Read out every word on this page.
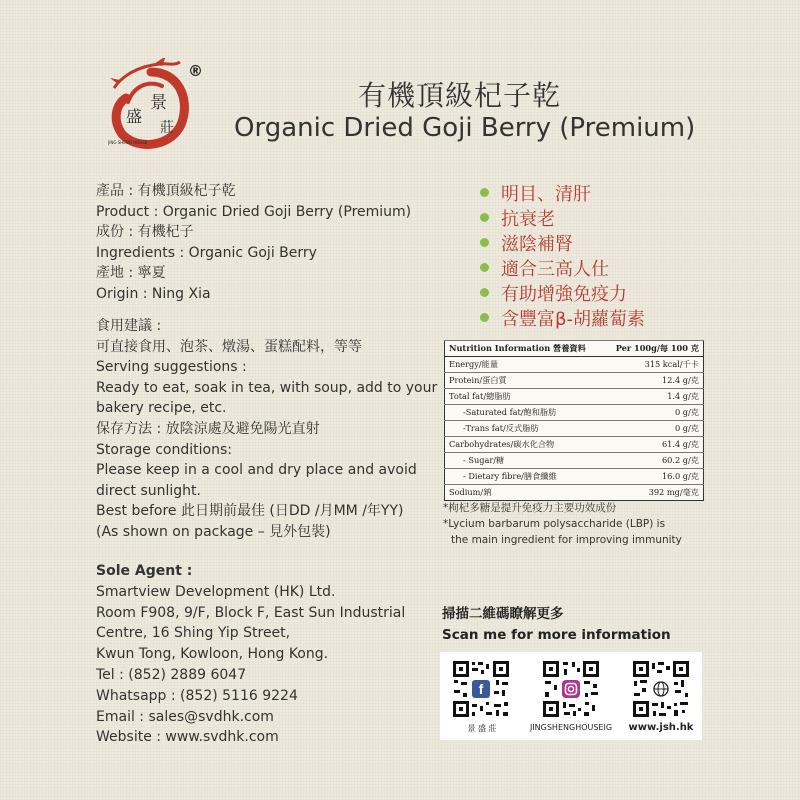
景
盛
莊
JING SHENG HOUSE
®
有機頂級杞子乾
Organic Dried Goji Berry (Premium)
產品 : 有機頂級杞子乾
Product : Organic Dried Goji Berry (Premium)
成份 : 有機杞子
Ingredients : Organic Goji Berry
產地 : 寧夏
Origin : Ning Xia
食用建議 :
可直接食用、泡茶、燉湯、蛋糕配料，等等
Serving suggestions :
Ready to eat, soak in tea, with soup, add to your
bakery recipe, etc.
保存方法 : 放陰涼處及避免陽光直射
Storage conditions:
Please keep in a cool and dry place and avoid
direct sunlight.
Best before 此日期前最佳 (日DD /月MM /年YY)
(As shown on package – 見外包裝)
Sole Agent :
Smartview Development (HK) Ltd.
Room F908, 9/F, Block F, East Sun Industrial
Centre, 16 Shing Yip Street,
Kwun Tong, Kowloon, Hong Kong.
Tel : (852) 2889 6047
Whatsapp : (852) 5116 9224
Email : sales@svdhk.com
Website : www.svdhk.com
明目、清肝
抗衰老
滋陰補腎
適合三高人仕
有助增強免疫力
含豐富β-胡蘿蔔素
Nutrition Information 營養資料	Per 100g/每 100 克
Energy/能量	315 kcal/千卡
Protein/蛋白質	12.4 g/克
Total fat/總脂肪	1.4 g/克
-Saturated fat/飽和脂肪	0 g/克
-Trans fat/反式脂肪	0 g/克
Carbohydrates/碳水化合物	61.4 g/克
- Sugar/糖	60.2 g/克
- Dietary fibre/膳食纖維	16.0 g/克
Sodium/鈉	392 mg/毫克
*枸杞多糖是提升免疫力主要功效成份
*Lycium barbarum polysaccharide (LBP) is
the main ingredient for improving immunity
掃描二維碼瞭解更多
Scan me for more information
f
景 盛 莊	JINGSHENGHOUSEIG	www.jsh.hk
